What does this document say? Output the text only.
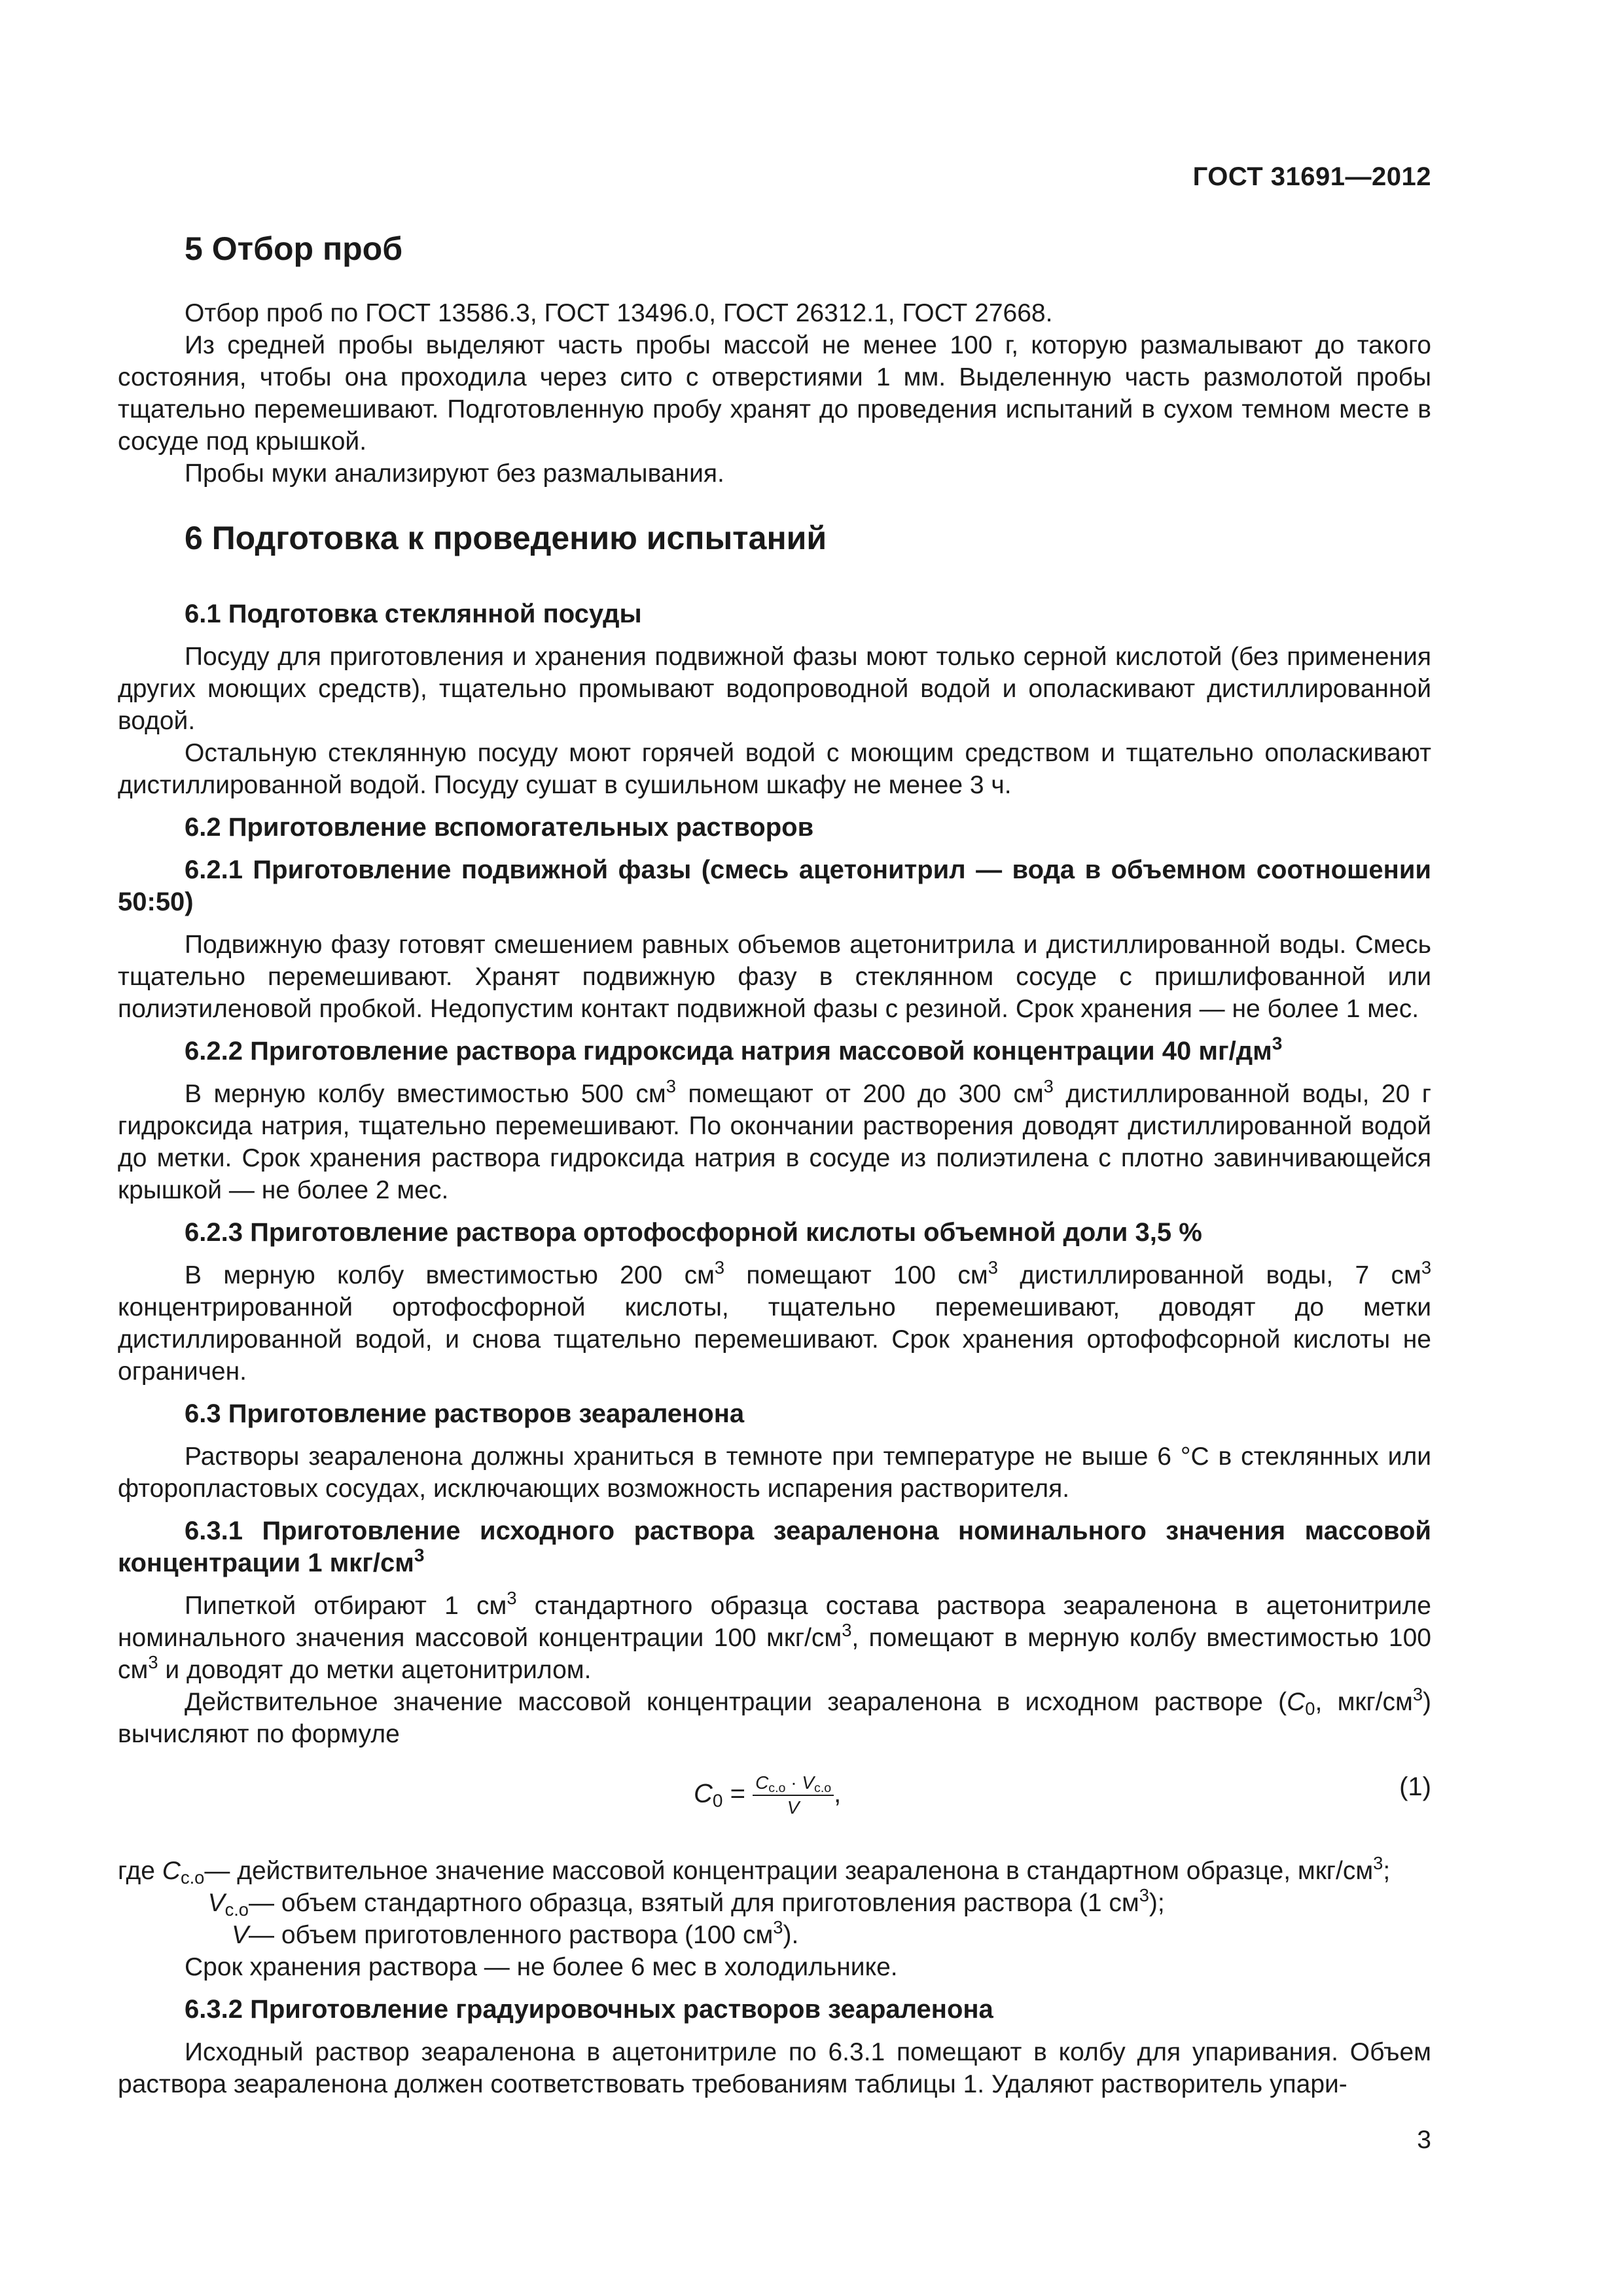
ГОСТ 31691—2012
5 Отбор проб

Отбор проб по ГОСТ 13586.3, ГОСТ 13496.0, ГОСТ 26312.1, ГОСТ 27668.

Из средней пробы выделяют часть пробы массой не менее 100 г, которую размалывают до такого состояния, чтобы она проходила через сито с отверстиями 1 мм. Выделенную часть размолотой пробы тщательно перемешивают. Подготовленную пробу хранят до проведения испытаний в сухом темном месте в сосуде под крышкой.

Пробы муки анализируют без размалывания.

6 Подготовка к проведению испытаний
6.1 Подготовка стеклянной посуды

Посуду для приготовления и хранения подвижной фазы моют только серной кислотой (без применения других моющих средств), тщательно промывают водопроводной водой и ополаскивают дистиллированной водой.

Остальную стеклянную посуду моют горячей водой с моющим средством и тщательно ополаскивают дистиллированной водой. Посуду сушат в сушильном шкафу не менее 3 ч.

6.2 Приготовление вспомогательных растворов
6.2.1 Приготовление подвижной фазы (смесь ацетонитрил — вода в объемном соотношении 50:50)

Подвижную фазу готовят смешением равных объемов ацетонитрила и дистиллированной воды. Смесь тщательно перемешивают. Хранят подвижную фазу в стеклянном сосуде с пришлифованной или полиэтиленовой пробкой. Недопустим контакт подвижной фазы с резиной. Срок хранения — не более 1 мес.

6.2.2 Приготовление раствора гидроксида натрия массовой концентрации 40 $мг/дм^3$

В мерную колбу вместимостью 500 $см^3$ помещают от 200 до 300 $см^3$ дистиллированной воды, 20 г гидроксида натрия, тщательно перемешивают. По окончании растворения доводят дистиллированной водой до метки. Срок хранения раствора гидроксида натрия в сосуде из полиэтилена с плотно завинчивающейся крышкой — не более 2 мес.

6.2.3 Приготовление раствора ортофосфорной кислоты объемной доли 3,5 %

В мерную колбу вместимостью 200 $см^3$ помещают 100 $см^3$ дистиллированной воды, 7 $см^3$ концентрированной ортофосфорной кислоты, тщательно перемешивают, доводят до метки дистиллированной водой, и снова тщательно перемешивают. Срок хранения ортофофсорной кислоты не ограничен.

6.3 Приготовление растворов зеараленона

Растворы зеараленона должны храниться в темноте при температуре не выше 6 °С в стеклянных или фторопластовых сосудах, исключающих возможность испарения растворителя.

6.3.1 Приготовление исходного раствора зеараленона номинального значения массовой концентрации 1 мкг/$см^3$

Пипеткой отбирают 1 $см^3$ стандартного образца состава раствора зеараленона в ацетонитриле номинального значения массовой концентрации 100 мкг/$см^3$, помещают в мерную колбу вместимостью 100 $см^3$ и доводят до метки ацетонитрилом.

Действительное значение массовой концентрации зеараленона в исходном растворе ($C_0$, мкг/$см^3$) вычисляют по формуле

$C_0 = \frac{C_{с.о} \cdot V_{с.о}}{V}$ ,	(1)
где $C_{с.о}$ — действительное значение массовой концентрации зеараленона в стандартном образце, мкг/$см^3$;
$V_{с.о}$ — объем стандартного образца, взятый для приготовления раствора (1 $см^3$);
V — объем приготовленного раствора (100 $см^3$).

Срок хранения раствора — не более 6 мес в холодильнике.

6.3.2 Приготовление градуировочных растворов зеараленона

Исходный раствор зеараленона в ацетонитриле по 6.3.1 помещают в колбу для упаривания. Объем раствора зеараленона должен соответствовать требованиям таблицы 1. Удаляют растворитель упари-

3
